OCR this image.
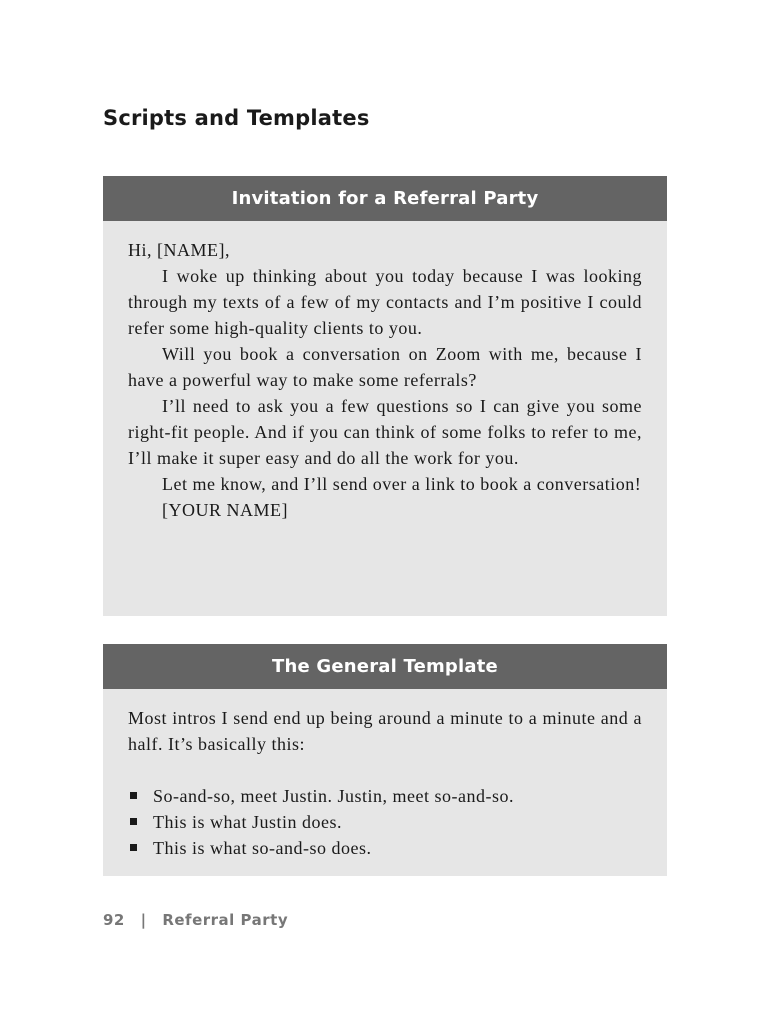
Scripts and Templates
Invitation for a Referral Party

Hi, [NAME],

I woke up thinking about you today because I was looking through my texts of a few of my contacts and I’m positive I could refer some high-quality clients to you.

Will you book a conversation on Zoom with me, because I have a powerful way to make some referrals?

I’ll need to ask you a few questions so I can give you some right-fit people. And if you can think of some folks to refer to me, I’ll make it super easy and do all the work for you.

Let me know, and I’ll send over a link to book a conversation!

[YOUR NAME]

The General Template

Most intros I send end up being around a minute to a minute and a half. It’s basically this:

So-and-so, meet Justin. Justin, meet so-and-so.
This is what Justin does.
This is what so-and-so does.
92 | Referral Party
